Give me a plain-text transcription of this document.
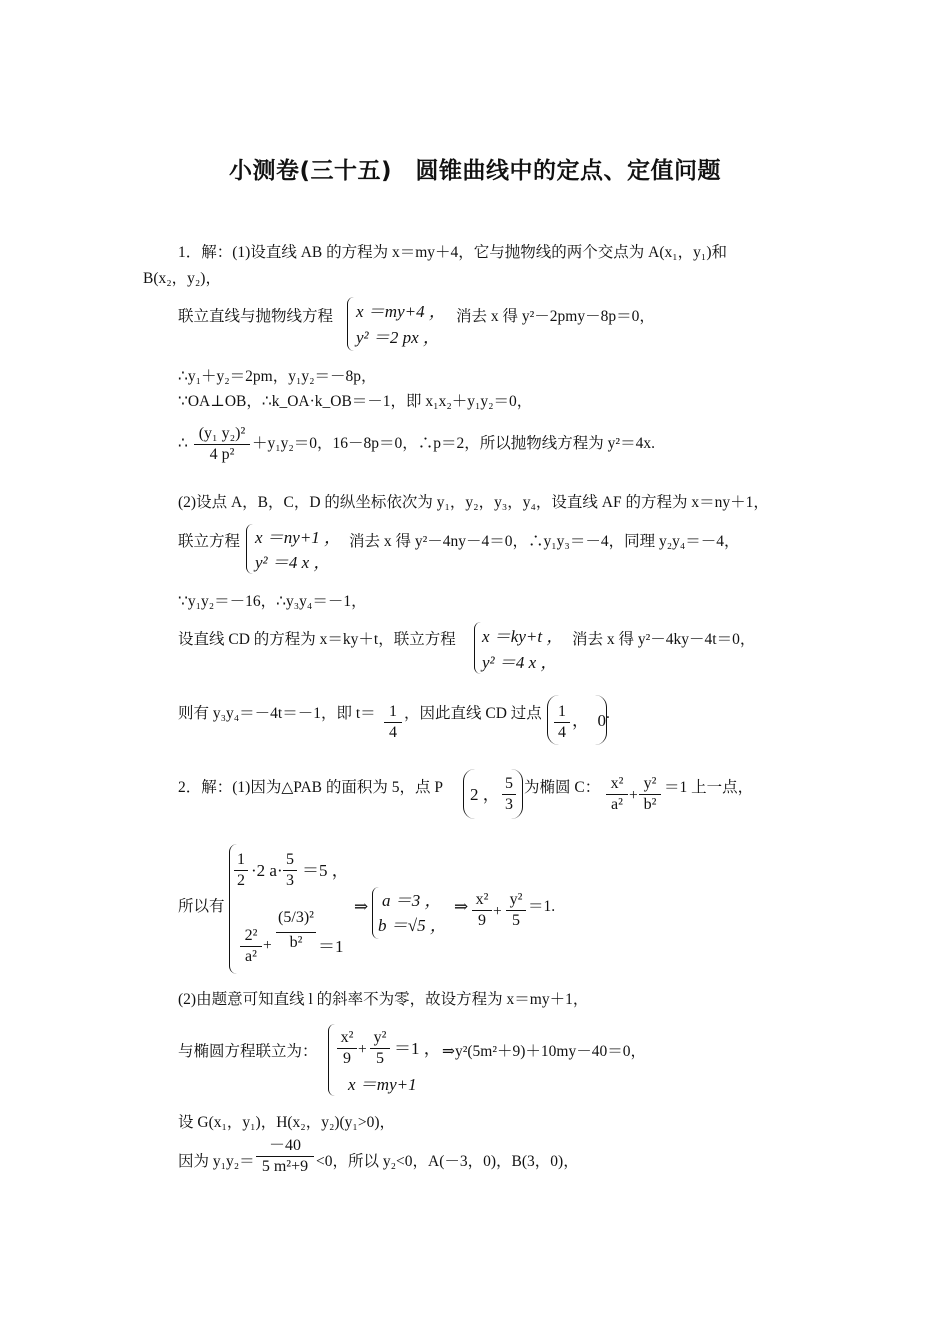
小测卷(三十五)　圆锥曲线中的定点、定值问题
1．解：(1)设直线 AB 的方程为 x＝my＋4，它与抛物线的两个交点为 A(x₁，y₁)和
B(x₂，y₂)，
联立直线与抛物线方程 x ＝my+4 ，
y² ＝2 px ，
消去 x 得 y²－2pmy－8p＝0，
∴y₁＋y₂＝2pm，y₁y₂＝－8p，
∵OA⊥OB，∴k_OA·k_OB＝－1，即 x₁x₂＋y₁y₂＝0，
∴ $\frac{\text{(y₁ y₂)²}}{\text{4 p²}} +y_1y_2=0$，16－8p＝0，∴p＝2，所以抛物线方程为 y²＝4x.
(2)设点 A，B，C，D 的纵坐标依次为 y₁，y₂，y₃，y₄，设直线 AF 的方程为 x＝ny＋1，
联立方程 x ＝ny+1 ，
y² ＝4 x ，
消去 x 得 y²－4ny－4＝0，∴y₁y₃＝－4，同理 y₂y₄＝－4，
∵y₁y₂＝－16，∴y₃y₄＝－1，
设直线 CD 的方程为 x＝ky＋t，联立方程 x ＝ky+t ，
y² ＝4 x ，
消去 x 得 y²－4ky－4t＝0，
则有 y₃y₄＝－4t＝－1，即 $t= \frac{1}{4}$ ，因此直线 CD 过点 $\frac{1}{4}$ ，　0 .
2．解：(1)因为△PAB 的面积为 5，点 P 2 ， $\frac{5}{3}$ 为椭圆 C： $\frac{\text{x²}}{\text{a²}} + \frac{\text{y²}}{\text{b²}} =1$ 上一点，
所以有
$\frac{1}{2} \cdot 2$ $a\cdot \frac{5}{3} =5$ ，
$\frac{\text{2²}}{\text{a²}} + \frac{\text{(5/3)²}}{\text{b²}} =1$
⇒ a ＝3 ，
b ＝√5 ，
⇒ $\frac{\text{x²}}{9} + \frac{\text{y²}}{5} =1$.
(2)由题意可知直线 l 的斜率不为零，故设方程为 x＝my＋1，
与椭圆方程联立为： $\frac{\text{x²}}{9} + \frac{\text{y²}}{5} =1$ ，
x ＝my+1
⇒y²(5m²＋9)＋10my－40＝0，
设 G(x₁，y₁)，H(x₂，y₂)(y₁>0)，
因为 $y_1y_2= \frac{-40}{\text{5 m²+9}} <0$，所以 y₂<0，A(－3，0)，B(3，0)，
